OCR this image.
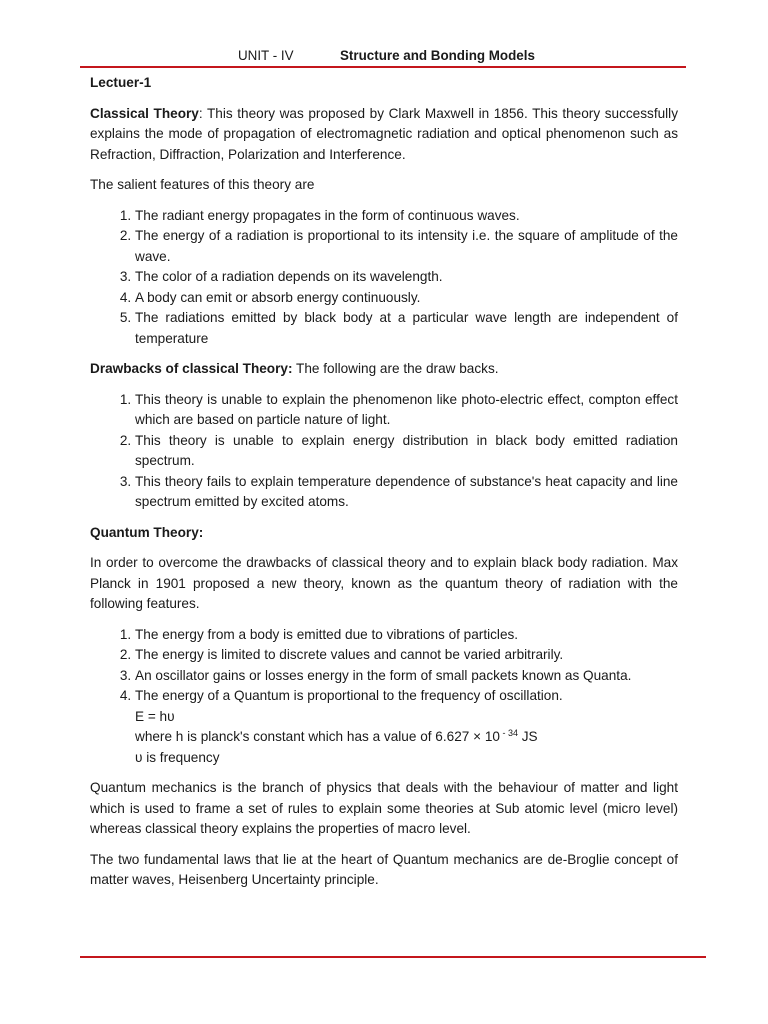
UNIT - IV	Structure and Bonding Models

Lectuer-1

Classical Theory: This theory was proposed by Clark Maxwell in 1856. This theory successfully explains the mode of propagation of electromagnetic radiation and optical phenomenon such as Refraction, Diffraction, Polarization and Interference.

The salient features of this theory are

1. The radiant energy propagates in the form of continuous waves.
2. The energy of a radiation is proportional to its intensity i.e. the square of amplitude of the wave.
3. The color of a radiation depends on its wavelength.
4. A body can emit or absorb energy continuously.
5. The radiations emitted by black body at a particular wave length are independent of temperature

Drawbacks of classical Theory: The following are the draw backs.

1. This theory is unable to explain the phenomenon like photo-electric effect, compton effect which are based on particle nature of light.
2. This theory is unable to explain energy distribution in black body emitted radiation spectrum.
3. This theory fails to explain temperature dependence of substance's heat capacity and line spectrum emitted by excited atoms.

Quantum Theory:

In order to overcome the drawbacks of classical theory and to explain black body radiation. Max Planck in 1901 proposed a new theory, known as the quantum theory of radiation with the following features.

1. The energy from a body is emitted due to vibrations of particles.
2. The energy is limited to discrete values and cannot be varied arbitrarily.
3. An oscillator gains or losses energy in the form of small packets known as Quanta.
4. The energy of a Quantum is proportional to the frequency of oscillation.
E = hυ
where h is planck's constant which has a value of 6.627 × 10 $^{- 34}$ JS
υ is frequency

Quantum mechanics is the branch of physics that deals with the behaviour of matter and light which is used to frame a set of rules to explain some theories at Sub atomic level (micro level) whereas classical theory explains the properties of macro level.

The two fundamental laws that lie at the heart of Quantum mechanics are de-Broglie concept of matter waves, Heisenberg Uncertainty principle.
